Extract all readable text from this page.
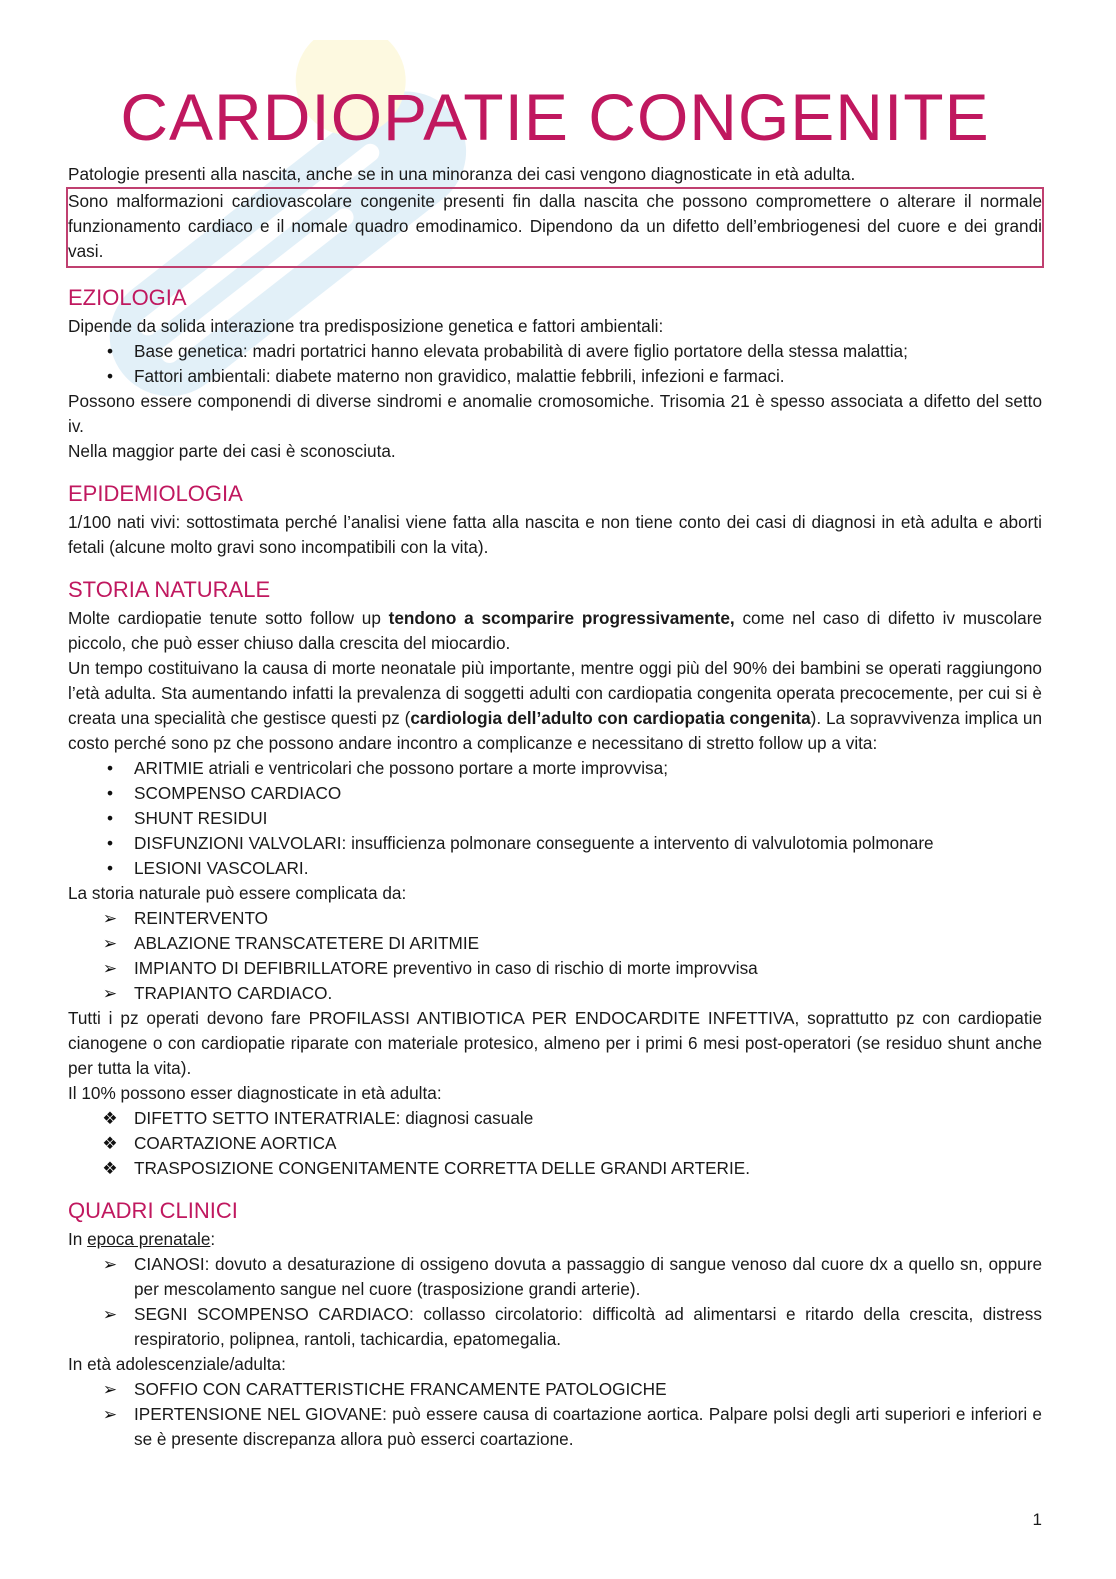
CARDIOPATIE CONGENITE

Patologie presenti alla nascita, anche se in una minoranza dei casi vengono diagnosticate in età adulta.

Sono malformazioni cardiovascolare congenite presenti fin dalla nascita che possono compromettere o alterare il normale funzionamento cardiaco e il nomale quadro emodinamico. Dipendono da un difetto dell’embriogenesi del cuore e dei grandi vasi.

EZIOLOGIA

Dipende da solida interazione tra predisposizione genetica e fattori ambientali:

•	Base genetica: madri portatrici hanno elevata probabilità di avere figlio portatore della stessa malattia;
•	Fattori ambientali: diabete materno non gravidico, malattie febbrili, infezioni e farmaci.

Possono essere componendi di diverse sindromi e anomalie cromosomiche. Trisomia 21 è spesso associata a difetto del setto iv.

Nella maggior parte dei casi è sconosciuta.

EPIDEMIOLOGIA

1/100 nati vivi: sottostimata perché l’analisi viene fatta alla nascita e non tiene conto dei casi di diagnosi in età adulta e aborti fetali (alcune molto gravi sono incompatibili con la vita).

STORIA NATURALE

Molte cardiopatie tenute sotto follow up tendono a scomparire progressivamente, come nel caso di difetto iv muscolare piccolo, che può esser chiuso dalla crescita del miocardio.

Un tempo costituivano la causa di morte neonatale più importante, mentre oggi più del 90% dei bambini se operati raggiungono l’età adulta. Sta aumentando infatti la prevalenza di soggetti adulti con cardiopatia congenita operata precocemente, per cui si è creata una specialità che gestisce questi pz (cardiologia dell’adulto con cardiopatia congenita). La sopravvivenza implica un costo perché sono pz che possono andare incontro a complicanze e necessitano di stretto follow up a vita:

•	ARITMIE atriali e ventricolari che possono portare a morte improvvisa;
•	SCOMPENSO CARDIACO
•	SHUNT RESIDUI
•	DISFUNZIONI VALVOLARI: insufficienza polmonare conseguente a intervento di valvulotomia polmonare
•	LESIONI VASCOLARI.

La storia naturale può essere complicata da:

➢ REINTERVENTO
➢ ABLAZIONE TRANSCATETERE DI ARITMIE
➢ IMPIANTO DI DEFIBRILLATORE preventivo in caso di rischio di morte improvvisa
➢ TRAPIANTO CARDIACO.

Tutti i pz operati devono fare PROFILASSI ANTIBIOTICA PER ENDOCARDITE INFETTIVA, soprattutto pz con cardiopatie cianogene o con cardiopatie riparate con materiale protesico, almeno per i primi 6 mesi post-operatori (se residuo shunt anche per tutta la vita).

Il 10% possono esser diagnosticate in età adulta:

❖ DIFETTO SETTO INTERATRIALE: diagnosi casuale
❖ COARTAZIONE AORTICA
❖ TRASPOSIZIONE CONGENITAMENTE CORRETTA DELLE GRANDI ARTERIE.
QUADRI CLINICI

In epoca prenatale:

➢ CIANOSI: dovuto a desaturazione di ossigeno dovuta a passaggio di sangue venoso dal cuore dx a quello sn, oppure per mescolamento sangue nel cuore (trasposizione grandi arterie).
➢ SEGNI SCOMPENSO CARDIACO: collasso circolatorio: difficoltà ad alimentarsi e ritardo della crescita, distress respiratorio, polipnea, rantoli, tachicardia, epatomegalia.

In età adolescenziale/adulta:

➢ SOFFIO CON CARATTERISTICHE FRANCAMENTE PATOLOGICHE
➢ IPERTENSIONE NEL GIOVANE: può essere causa di coartazione aortica. Palpare polsi degli arti superiori e inferiori e se è presente discrepanza allora può esserci coartazione.
1
